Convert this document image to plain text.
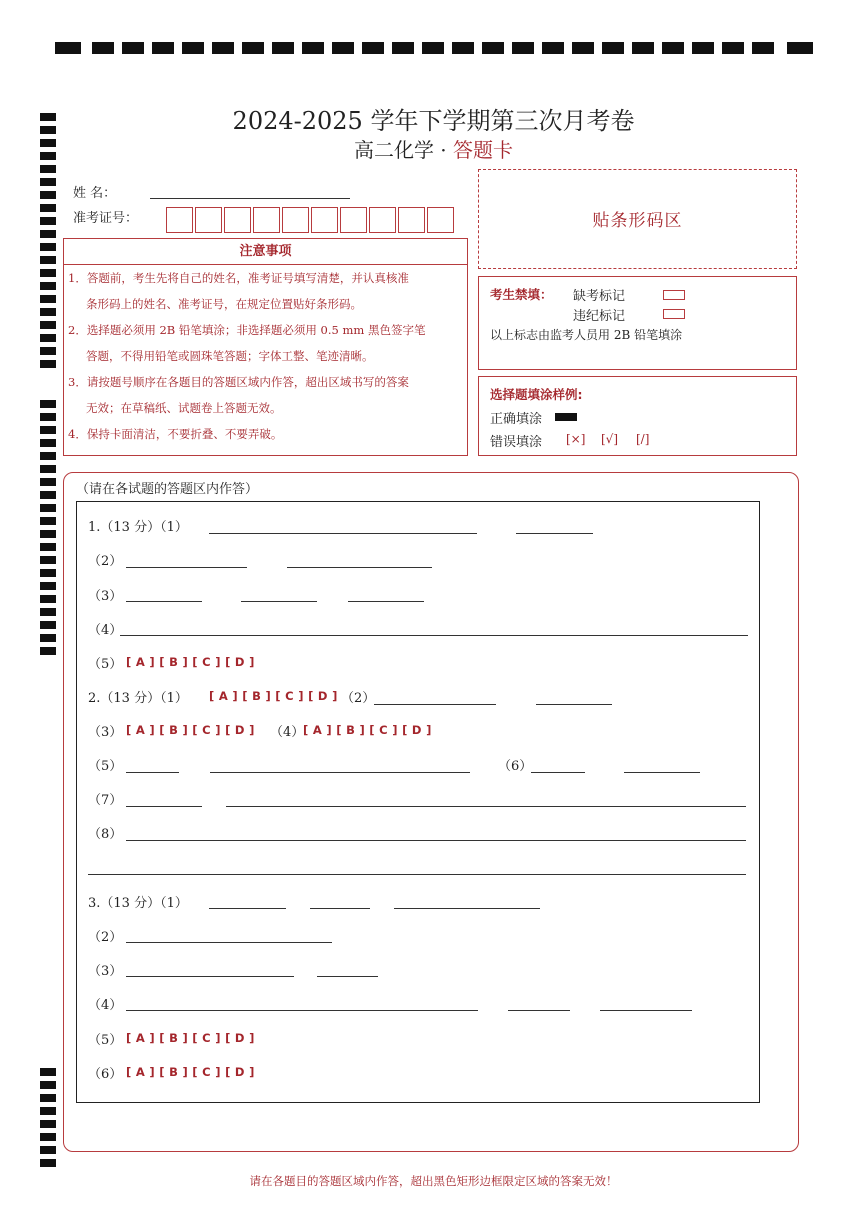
2024-2025 学年下学期第三次月考卷
高二化学 · 答题卡
姓 名：
准考证号：	贴条形码区
注意事项
1．答题前，考生先将自己的姓名，准考证号填写清楚，并认真核准
条形码上的姓名、准考证号，在规定位置贴好条形码。
2．选择题必须用 2B 铅笔填涂；非选择题必须用 0.5 mm 黑色签字笔
答题，不得用铅笔或圆珠笔答题；字体工整、笔迹清晰。
3．请按题号顺序在各题目的答题区域内作答，超出区域书写的答案
无效；在草稿纸、试题卷上答题无效。
4．保持卡面清洁，不要折叠、不要弄破。
考生禁填： 缺考标记
违纪标记
以上标志由监考人员用 2B 铅笔填涂
选择题填涂样例:
正确填涂
错误填涂 [×] [√] [/]
（请在各试题的答题区内作答）
1.（13 分）（1）
（2）
（3）
（4）
（5） [ A ] [ B ] [ C ] [ D ]
2.（13 分）（1） [ A ] [ B ] [ C ] [ D ] （2）
（3） [ A ] [ B ] [ C ] [ D ] （4）
[ A ] [ B ] [ C ] [ D ]
（5）	（6）
（7）
（8）
3.（13 分）（1）
（2）
（3）
（4）
（5） [ A ] [ B ] [ C ] [ D ]
（6） [ A ] [ B ] [ C ] [ D ]
请在各题目的答题区域内作答，超出黑色矩形边框限定区域的答案无效！
